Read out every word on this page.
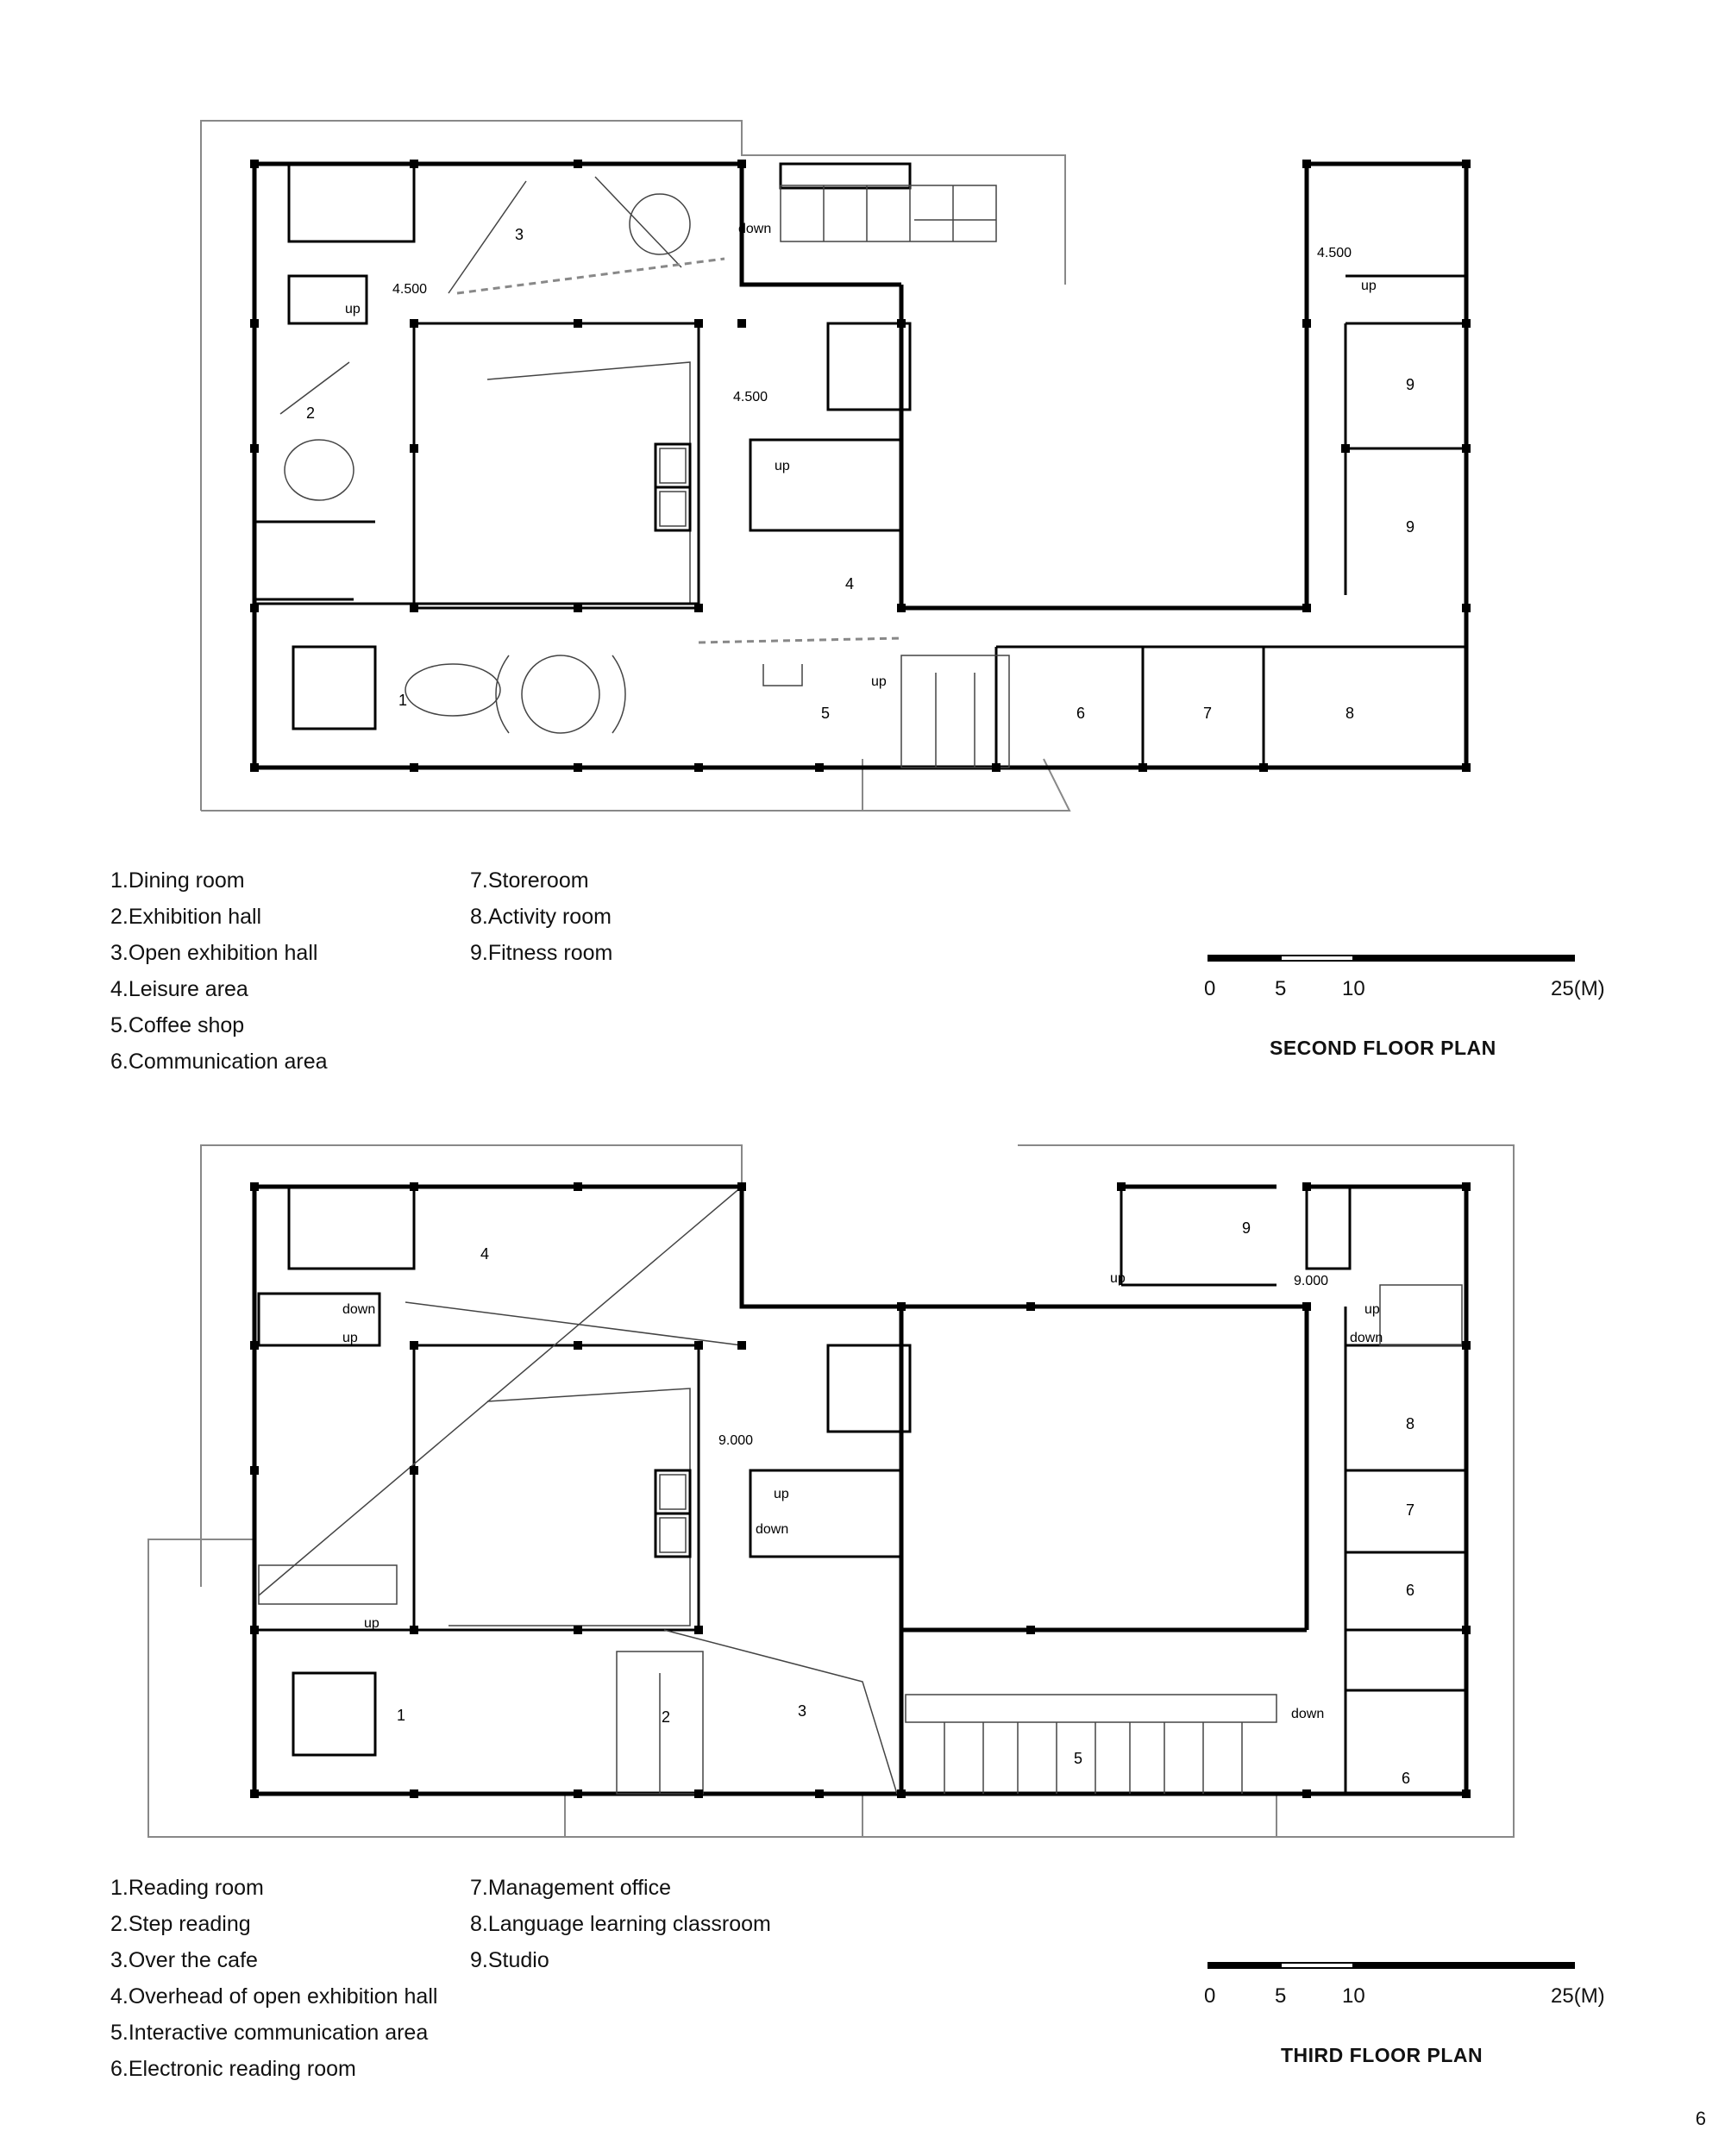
1
2
3
4
5	6	7	8
9
9
down
up
up
up
up
4.500
4.500
4.500
1	2	3
4
5
6
6
7
8
9
down
up
up
up
down
up
up
down
down
9.000
9.000
1.Dining room
2.Exhibition hall
3.Open exhibition hall
4.Leisure area
5.Coffee shop
6.Communication area
7.Storeroom
8.Activity room
9.Fitness room
0	5	10	25(M)
SECOND FLOOR PLAN
1.Reading room
2.Step reading
3.Over the cafe
4.Overhead of open exhibition hall
5.Interactive communication area
6.Electronic reading room
7.Management office
8.Language learning classroom
9.Studio
0	5	10	25(M)
THIRD FLOOR PLAN
6
